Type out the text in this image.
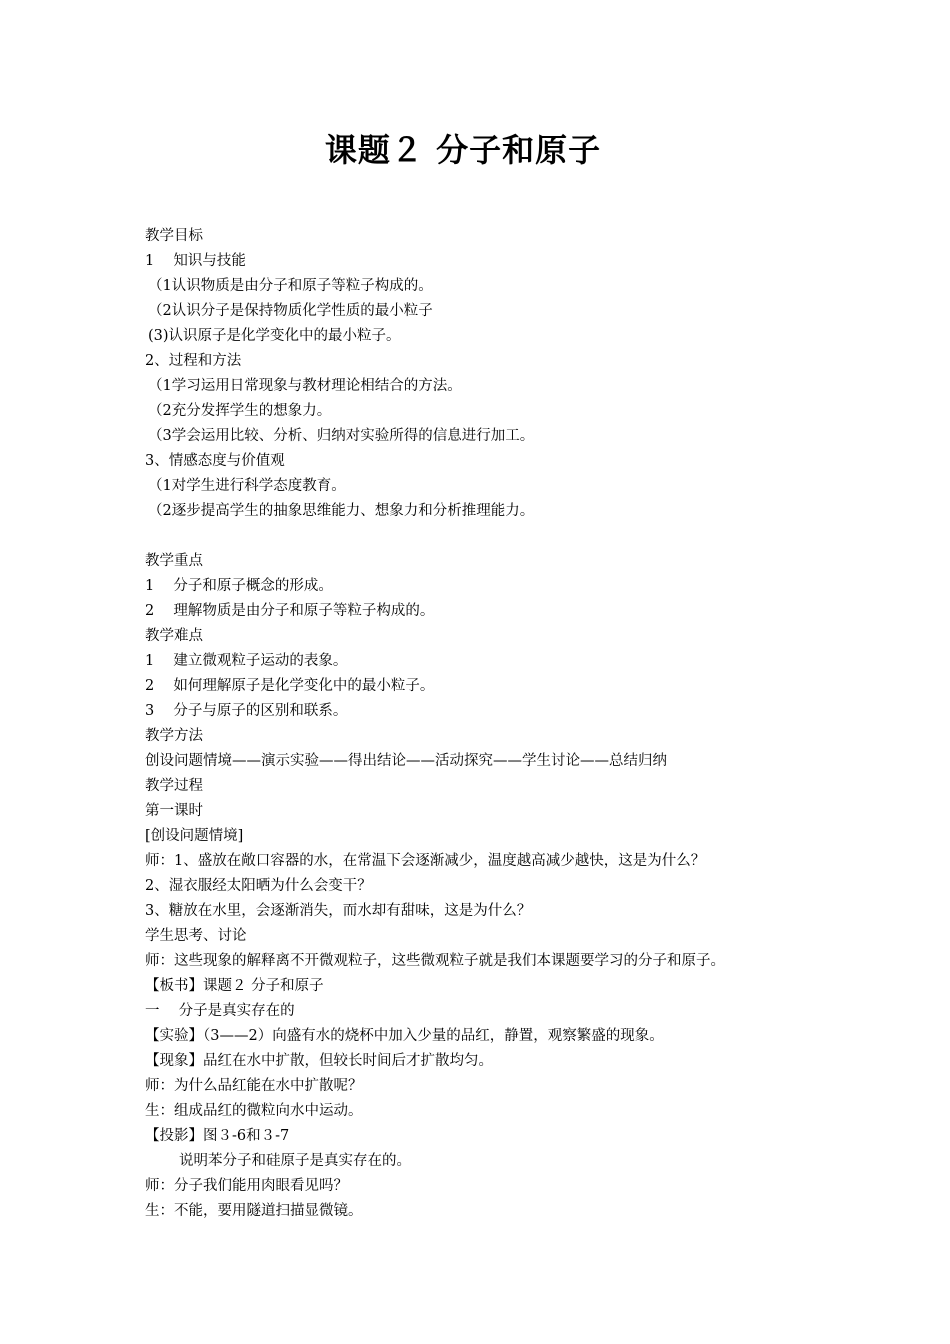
课题２ 分子和原子
教学目标
1　 知识与技能
（1认识物质是由分子和原子等粒子构成的。
（2认识分子是保持物质化学性质的最小粒子
(3)认识原子是化学变化中的最小粒子。
2、过程和方法
（1学习运用日常现象与教材理论相结合的方法。
（2充分发挥学生的想象力。
（3学会运用比较、分析、归纳对实验所得的信息进行加工。
3、情感态度与价值观
（1对学生进行科学态度教育。
（2逐步提高学生的抽象思维能力、想象力和分析推理能力。
教学重点
1　 分子和原子概念的形成。
2　 理解物质是由分子和原子等粒子构成的。
教学难点
1　 建立微观粒子运动的表象。
2　 如何理解原子是化学变化中的最小粒子。
3　 分子与原子的区别和联系。
教学方法
创设问题情境——演示实验——得出结论——活动探究——学生讨论——总结归纳
教学过程
第一课时
[创设问题情境]
师：1、盛放在敞口容器的水，在常温下会逐渐减少，温度越高减少越快，这是为什么？
2、湿衣服经太阳晒为什么会变干？
3、糖放在水里，会逐渐消失，而水却有甜味，这是为什么？
学生思考、讨论
师：这些现象的解释离不开微观粒子，这些微观粒子就是我们本课题要学习的分子和原子。
【板书】课题２ 分子和原子
一　 分子是真实存在的
【实验】（3——2）向盛有水的烧杯中加入少量的品红，静置，观察繁盛的现象。
【现象】品红在水中扩散，但较长时间后才扩散均匀。
师：为什么品红能在水中扩散呢？
生：组成品红的微粒向水中运动。
【投影】图３-6和３-7
说明苯分子和硅原子是真实存在的。
师：分子我们能用肉眼看见吗？
生：不能，要用隧道扫描显微镜。
